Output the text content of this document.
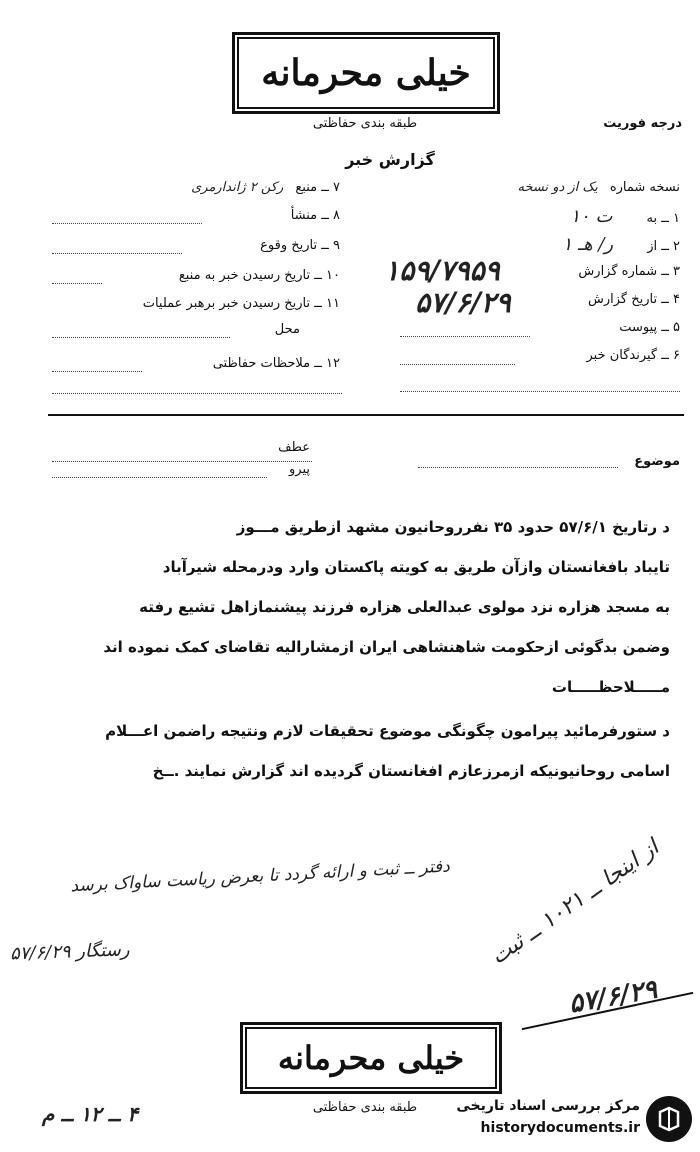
خیلی محرمانه
طبقه بندی حفاظتی	درجه فوریت
گزارش خبر
نسخه شماره یک از دو نسخه
۱ ــ به ت ۱۰
۲ ــ از ر/ هـ ۱
۳ ــ شماره گزارش
۱۵۹/۷۹۵۹
۴ ــ تاریخ گزارش
۵۷/۶/۲۹
۵ ــ پیوست
۶ ــ گیرندگان خبر
۷ ــ منبع رکن ۲ ژاندارمری
۸ ــ منشأ
۹ ــ تاریخ وقوع
۱۰ ــ تاریخ رسیدن خبر به منبع
۱۱ ــ تاریخ رسیدن خبر برهبر عملیات
محل
۱۲ ــ ملاحظات حفاظتی
موضوع
عطف
پیرو
د رتاریخ ۵۷/۶/۱ حدود ۳۵ نفرروحانیون مشهد ازطریق مـــوز
تایباد بافغانستان وازآن طریق به کویته پاکستان وارد ودرمحله شیرآباد
به مسجد هزاره نزد مولوی عبدالعلی هزاره فرزند پیشنمازاهل تشیع رفته
وضمن بدگوئی ازحکومت شاهنشاهی ایران ازمشارالیه تقاضای کمک نموده اند
مـــــلاحظـــــات
د ستورفرمائید پیرامون چگونگی موضوع تحقیقات لازم ونتیجه راضمن اعـــلام
اسامی روحانیونیکه ازمرزعازم افغانستان گردیده اند گزارش نمایند .ــخ
دفتر ــ ثبت و ارائه گردد تا بعرض ریاست ساواک برسد
رستگار ۵۷/۶/۲۹	از اینجا ــ ۱۰۲۱ ــ ثبت
۵۷/۶/۲۹
خیلی محرمانه
طبقه بندی حفاظتی
۴ ــ ۱۲ ــ م	مرکز بررسی اسناد تاریخی
historydocuments.ir
